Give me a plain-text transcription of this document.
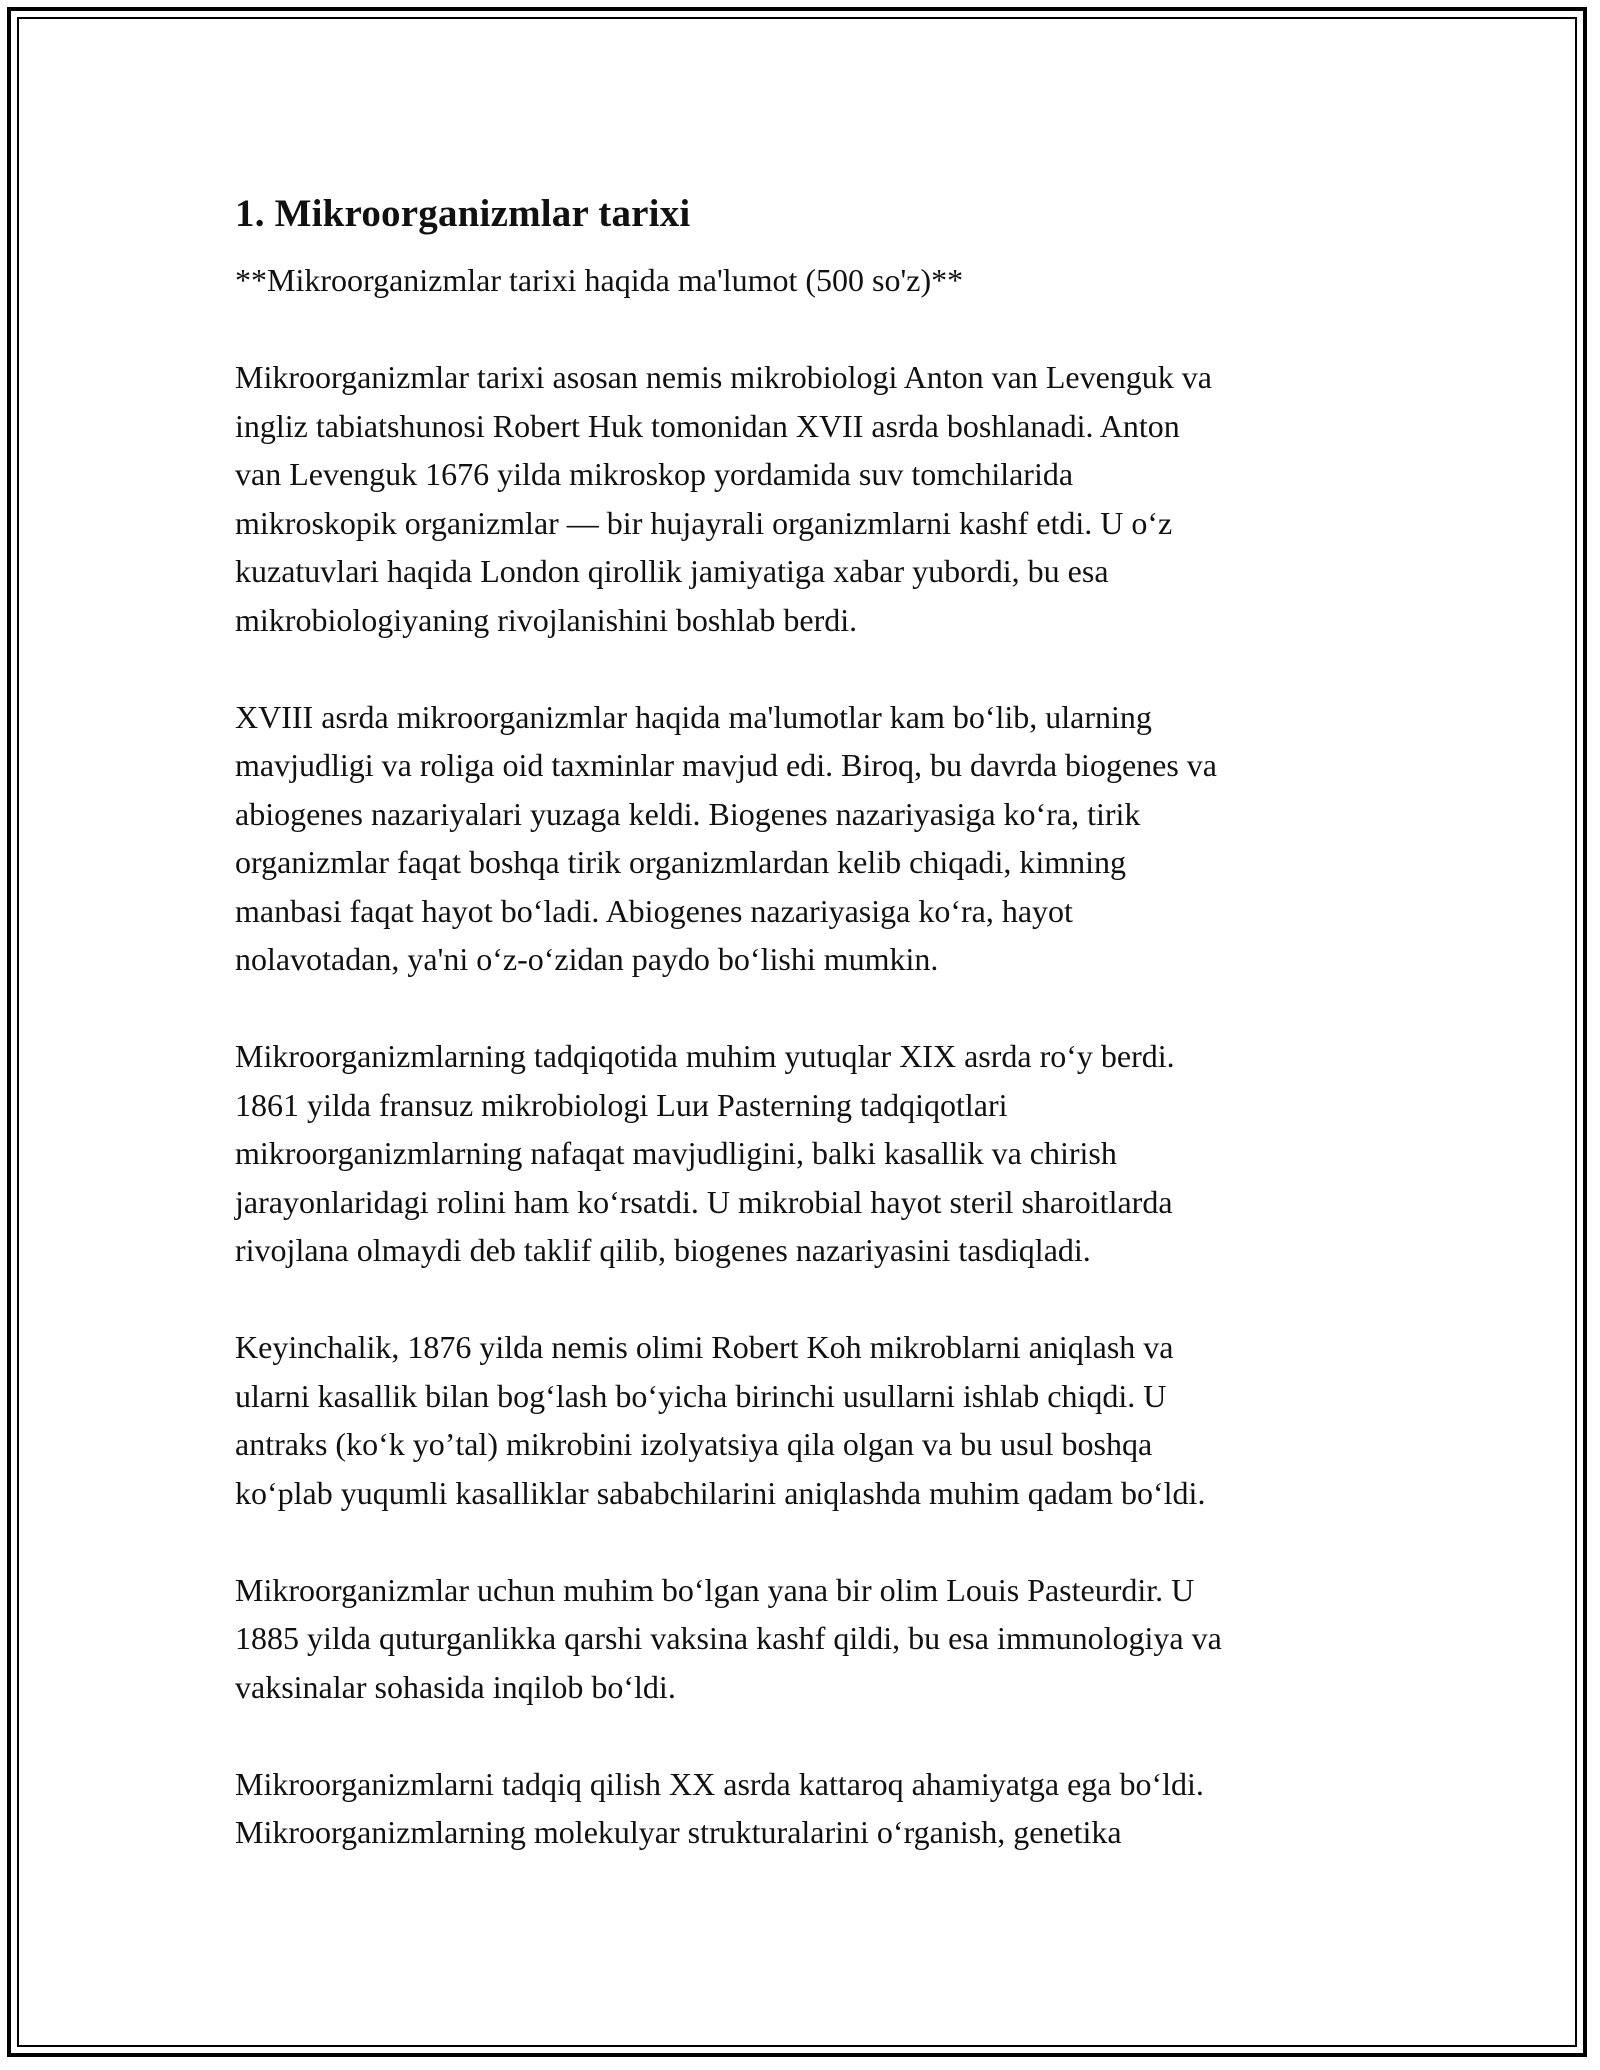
1. Mikroorganizmlar tarixi

**Mikroorganizmlar tarixi haqida ma'lumot (500 so'z)**

Mikroorganizmlar tarixi asosan nemis mikrobiologi Anton van Levenguk va
ingliz tabiatshunosi Robert Huk tomonidan XVII asrda boshlanadi. Anton
van Levenguk 1676 yilda mikroskop yordamida suv tomchilarida
mikroskopik organizmlar — bir hujayrali organizmlarni kashf etdi. U oʻz
kuzatuvlari haqida London qirollik jamiyatiga xabar yubordi, bu esa
mikrobiologiyaning rivojlanishini boshlab berdi.

XVIII asrda mikroorganizmlar haqida ma'lumotlar kam boʻlib, ularning
mavjudligi va roliga oid taxminlar mavjud edi. Biroq, bu davrda biogenes va
abiogenes nazariyalari yuzaga keldi. Biogenes nazariyasiga koʻra, tirik
organizmlar faqat boshqa tirik organizmlardan kelib chiqadi, kimning
manbasi faqat hayot boʻladi. Abiogenes nazariyasiga koʻra, hayot
nolavotadan, ya'ni oʻz-oʻzidan paydo boʻlishi mumkin.

Mikroorganizmlarning tadqiqotida muhim yutuqlar XIX asrda roʻy berdi.
1861 yilda fransuz mikrobiologi Luи Pasterning tadqiqotlari
mikroorganizmlarning nafaqat mavjudligini, balki kasallik va chirish
jarayonlaridagi rolini ham koʻrsatdi. U mikrobial hayot steril sharoitlarda
rivojlana olmaydi deb taklif qilib, biogenes nazariyasini tasdiqladi.

Keyinchalik, 1876 yilda nemis olimi Robert Koh mikroblarni aniqlash va
ularni kasallik bilan bogʻlash boʻyicha birinchi usullarni ishlab chiqdi. U
antraks (koʻk yoʼtal) mikrobini izolyatsiya qila olgan va bu usul boshqa
koʻplab yuqumli kasalliklar sababchilarini aniqlashda muhim qadam boʻldi.

Mikroorganizmlar uchun muhim boʻlgan yana bir olim Louis Pasteurdir. U
1885 yilda quturganlikka qarshi vaksina kashf qildi, bu esa immunologiya va
vaksinalar sohasida inqilob boʻldi.

Mikroorganizmlarni tadqiq qilish XX asrda kattaroq ahamiyatga ega boʻldi.
Mikroorganizmlarning molekulyar strukturalarini oʻrganish, genetika
